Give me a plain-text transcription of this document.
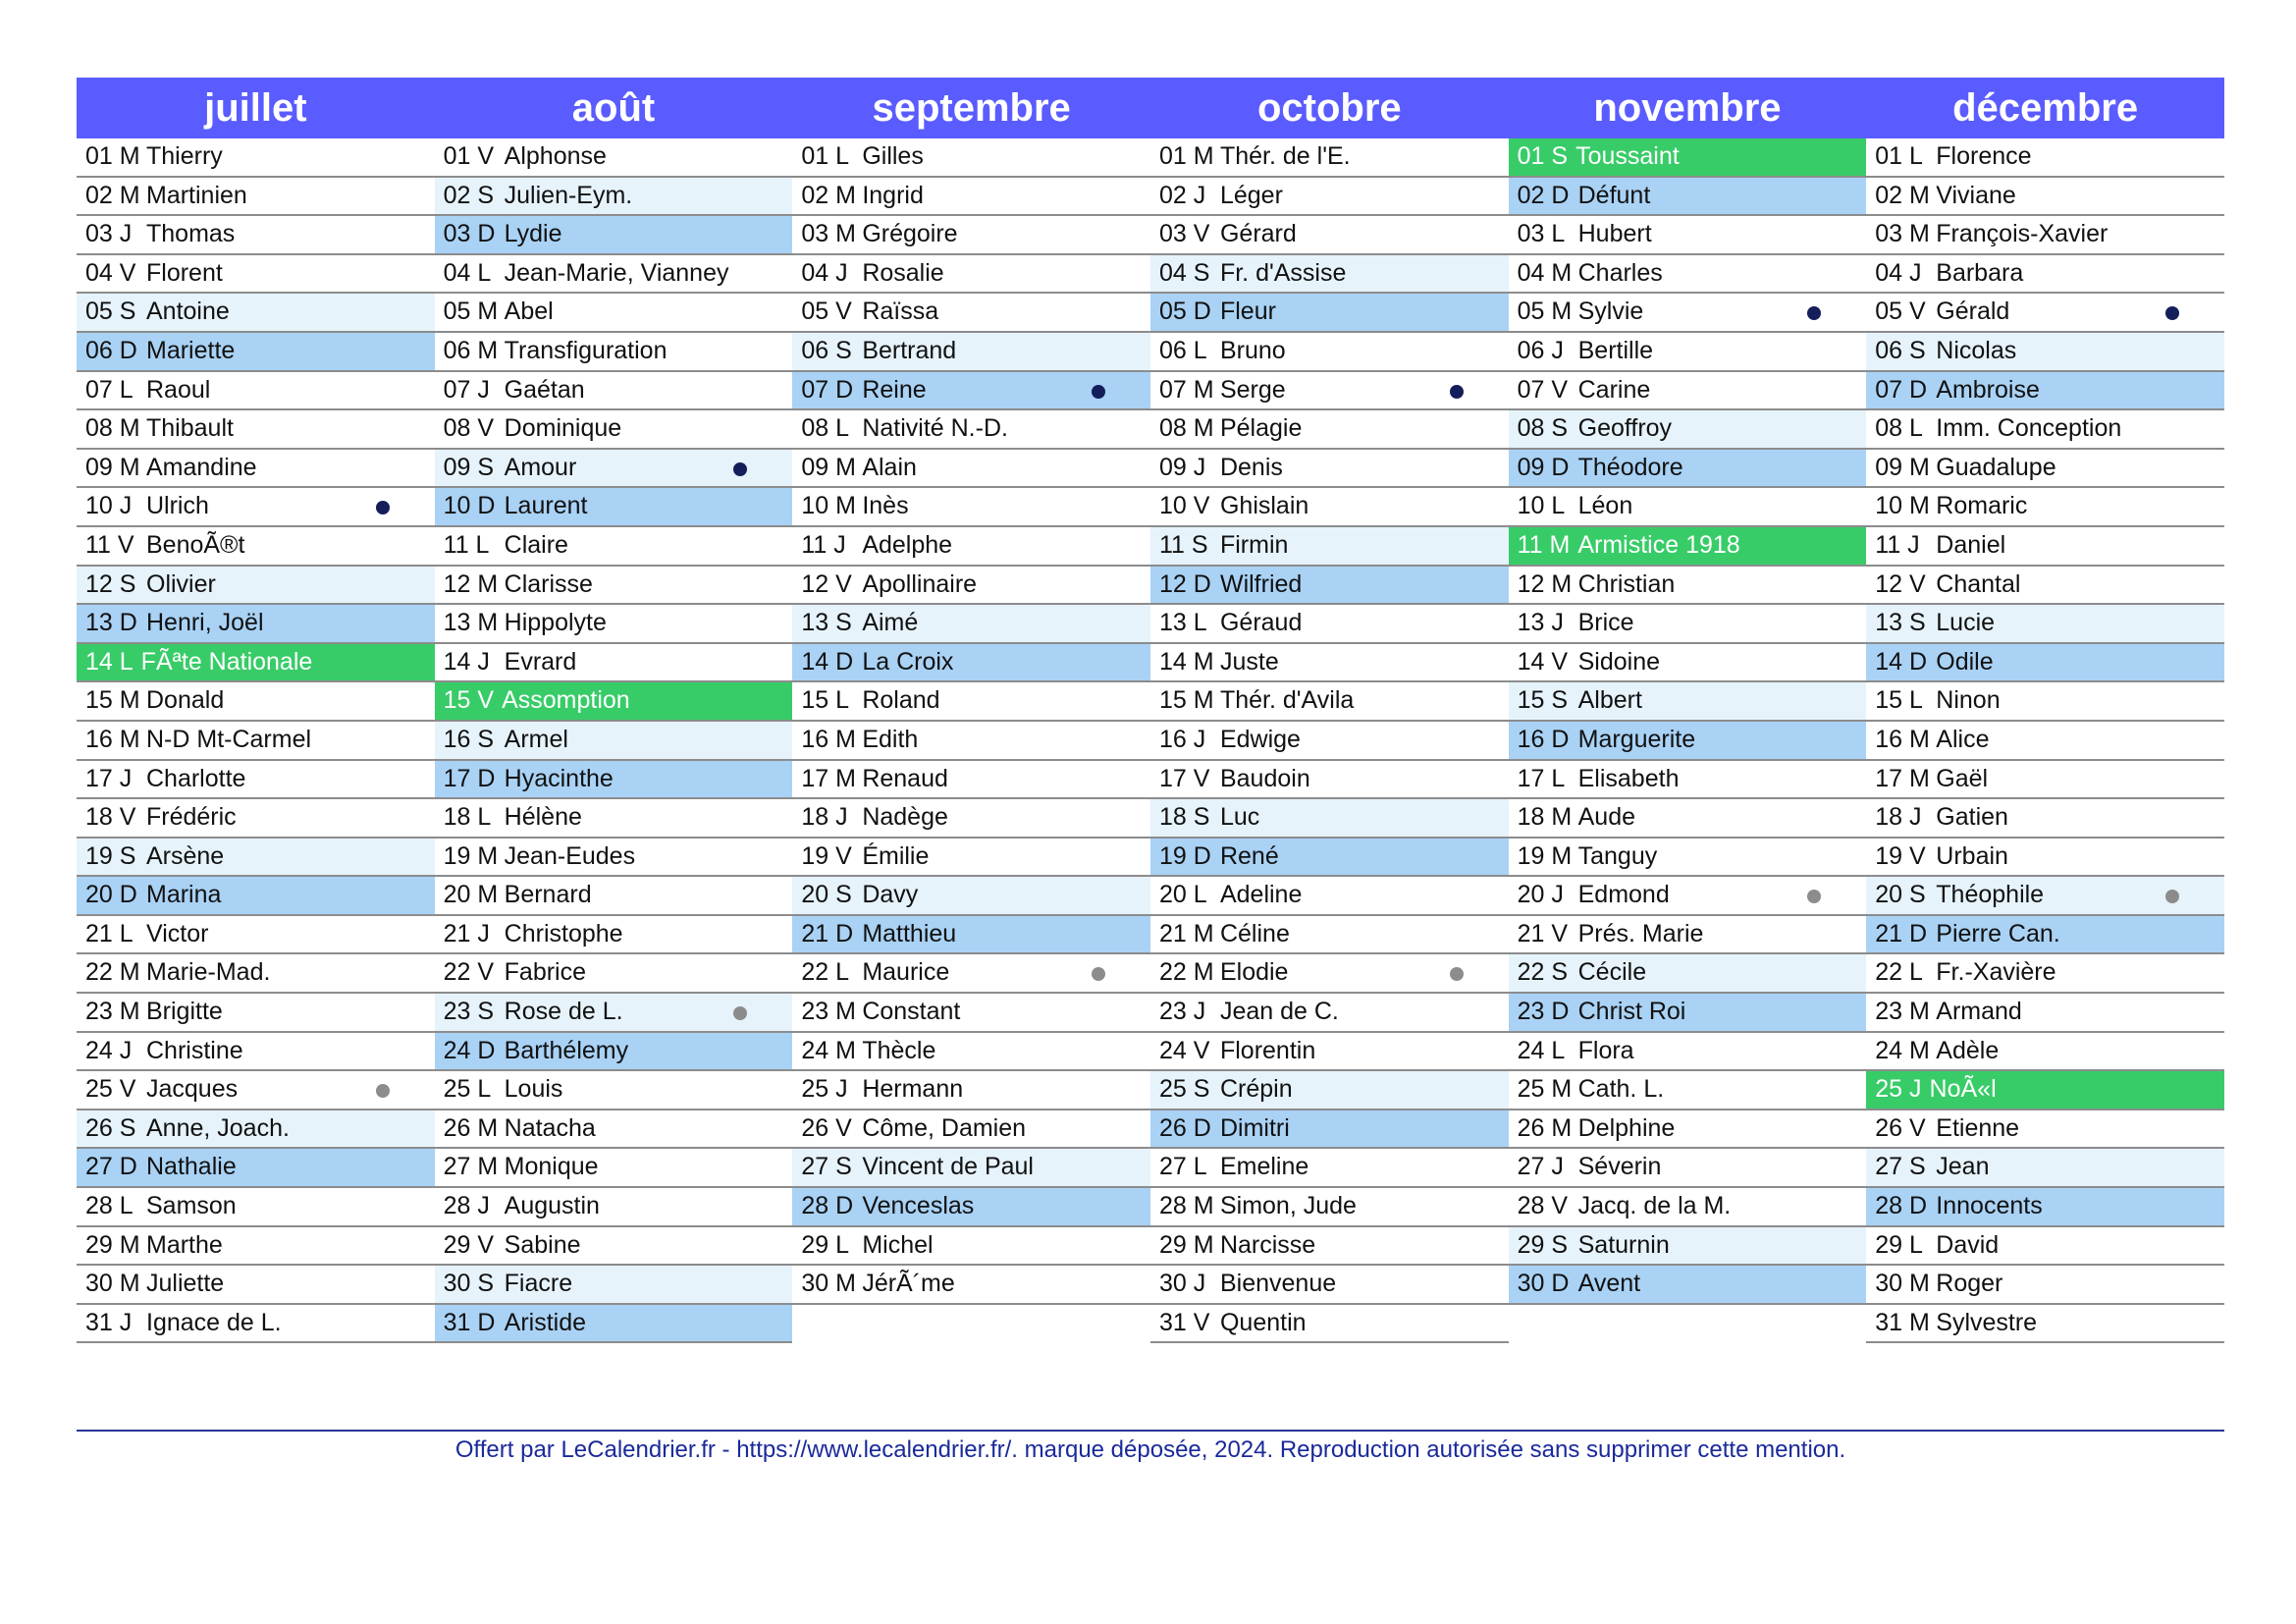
juillet
01 M Thierry
02 M Martinien
03 J Thomas
04 V Florent
05 S Antoine
06 D Mariette
07 L Raoul
08 M Thibault
09 M Amandine
10 J Ulrich
11 V BenoÃ®t
12 S Olivier
13 D Henri, Joël
14 L FÃªte Nationale
15 M Donald
16 M N-D Mt-Carmel
17 J Charlotte
18 V Frédéric
19 S Arsène
20 D Marina
21 L Victor
22 M Marie-Mad.
23 M Brigitte
24 J Christine
25 V Jacques
26 S Anne, Joach.
27 D Nathalie
28 L Samson
29 M Marthe
30 M Juliette
31 J Ignace de L.
août
01 V Alphonse
02 S Julien-Eym.
03 D Lydie
04 L Jean-Marie, Vianney
05 M Abel
06 M Transfiguration
07 J Gaétan
08 V Dominique
09 S Amour
10 D Laurent
11 L Claire
12 M Clarisse
13 M Hippolyte
14 J Evrard
15 V Assomption
16 S Armel
17 D Hyacinthe
18 L Hélène
19 M Jean-Eudes
20 M Bernard
21 J Christophe
22 V Fabrice
23 S Rose de L.
24 D Barthélemy
25 L Louis
26 M Natacha
27 M Monique
28 J Augustin
29 V Sabine
30 S Fiacre
31 D Aristide
septembre
01 L Gilles
02 M Ingrid
03 M Grégoire
04 J Rosalie
05 V Raïssa
06 S Bertrand
07 D Reine
08 L Nativité N.-D.
09 M Alain
10 M Inès
11 J Adelphe
12 V Apollinaire
13 S Aimé
14 D La Croix
15 L Roland
16 M Edith
17 M Renaud
18 J Nadège
19 V Émilie
20 S Davy
21 D Matthieu
22 L Maurice
23 M Constant
24 M Thècle
25 J Hermann
26 V Côme, Damien
27 S Vincent de Paul
28 D Venceslas
29 L Michel
30 M JérÃ´me
octobre
01 M Thér. de l'E.
02 J Léger
03 V Gérard
04 S Fr. d'Assise
05 D Fleur
06 L Bruno
07 M Serge
08 M Pélagie
09 J Denis
10 V Ghislain
11 S Firmin
12 D Wilfried
13 L Géraud
14 M Juste
15 M Thér. d'Avila
16 J Edwige
17 V Baudoin
18 S Luc
19 D René
20 L Adeline
21 M Céline
22 M Elodie
23 J Jean de C.
24 V Florentin
25 S Crépin
26 D Dimitri
27 L Emeline
28 M Simon, Jude
29 M Narcisse
30 J Bienvenue
31 V Quentin
novembre
01 S Toussaint
02 D Défunt
03 L Hubert
04 M Charles
05 M Sylvie
06 J Bertille
07 V Carine
08 S Geoffroy
09 D Théodore
10 L Léon
11 M Armistice 1918
12 M Christian
13 J Brice
14 V Sidoine
15 S Albert
16 D Marguerite
17 L Elisabeth
18 M Aude
19 M Tanguy
20 J Edmond
21 V Prés. Marie
22 S Cécile
23 D Christ Roi
24 L Flora
25 M Cath. L.
26 M Delphine
27 J Séverin
28 V Jacq. de la M.
29 S Saturnin
30 D Avent
décembre
01 L Florence
02 M Viviane
03 M François-Xavier
04 J Barbara
05 V Gérald
06 S Nicolas
07 D Ambroise
08 L Imm. Conception
09 M Guadalupe
10 M Romaric
11 J Daniel
12 V Chantal
13 S Lucie
14 D Odile
15 L Ninon
16 M Alice
17 M Gaël
18 J Gatien
19 V Urbain
20 S Théophile
21 D Pierre Can.
22 L Fr.-Xavière
23 M Armand
24 M Adèle
25 J NoÃ«l
26 V Etienne
27 S Jean
28 D Innocents
29 L David
30 M Roger
31 M Sylvestre
Offert par LeCalendrier.fr - https://www.lecalendrier.fr/. marque déposée, 2024. Reproduction autorisée sans supprimer cette mention.
